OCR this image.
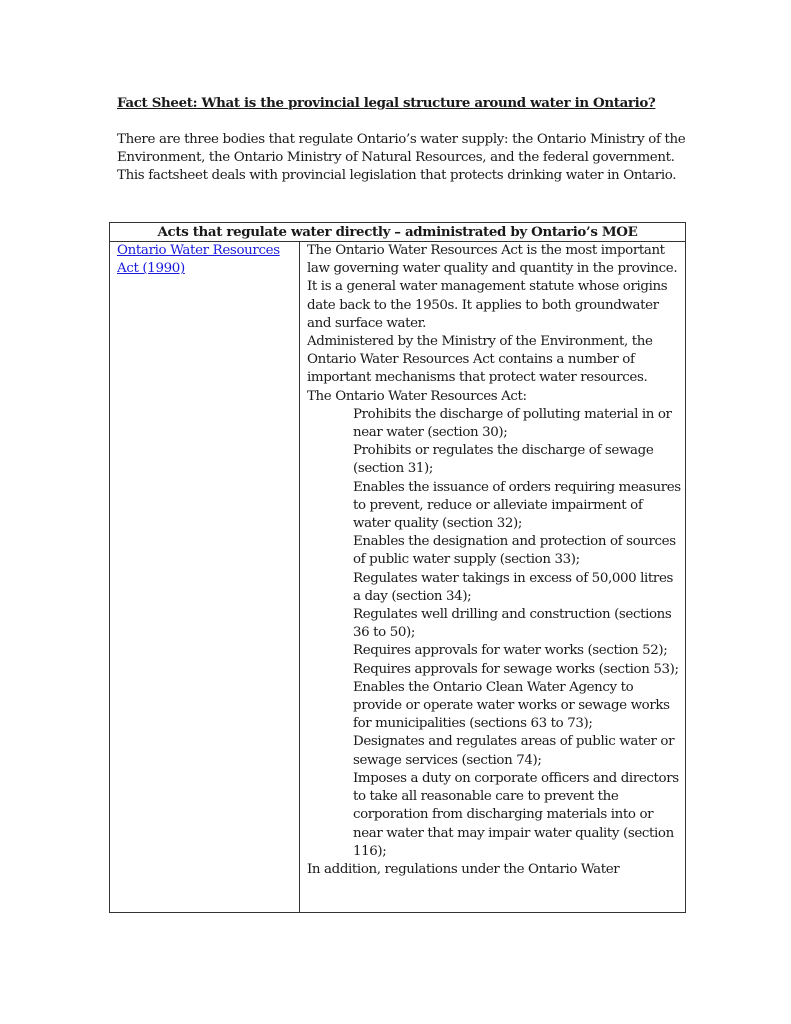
Fact Sheet: What is the provincial legal structure around water in Ontario?
There are three bodies that regulate Ontario’s water supply: the Ontario Ministry of the Environment, the Ontario Ministry of Natural Resources, and the federal government. This factsheet deals with provincial legislation that protects drinking water in Ontario.
Acts that regulate water directly – administrated by Ontario’s MOE
Ontario Water Resources Act (1990)

The Ontario Water Resources Act is the most important law governing water quality and quantity in the province. It is a general water management statute whose origins date back to the 1950s. It applies to both groundwater and surface water.

Administered by the Ministry of the Environment, the Ontario Water Resources Act contains a number of important mechanisms that protect water resources.

The Ontario Water Resources Act:

Prohibits the discharge of polluting material in or near water (section 30);
Prohibits or regulates the discharge of sewage (section 31);
Enables the issuance of orders requiring measures to prevent, reduce or alleviate impairment of water quality (section 32);
Enables the designation and protection of sources of public water supply (section 33);
Regulates water takings in excess of 50,000 litres a day (section 34);
Regulates well drilling and construction (sections 36 to 50);
Requires approvals for water works (section 52);
Requires approvals for sewage works (section 53);
Enables the Ontario Clean Water Agency to provide or operate water works or sewage works for municipalities (sections 63 to 73);
Designates and regulates areas of public water or sewage services (section 74);
Imposes a duty on corporate officers and directors to take all reasonable care to prevent the corporation from discharging materials into or near water that may impair water quality (section 116);

In addition, regulations under the Ontario Water
